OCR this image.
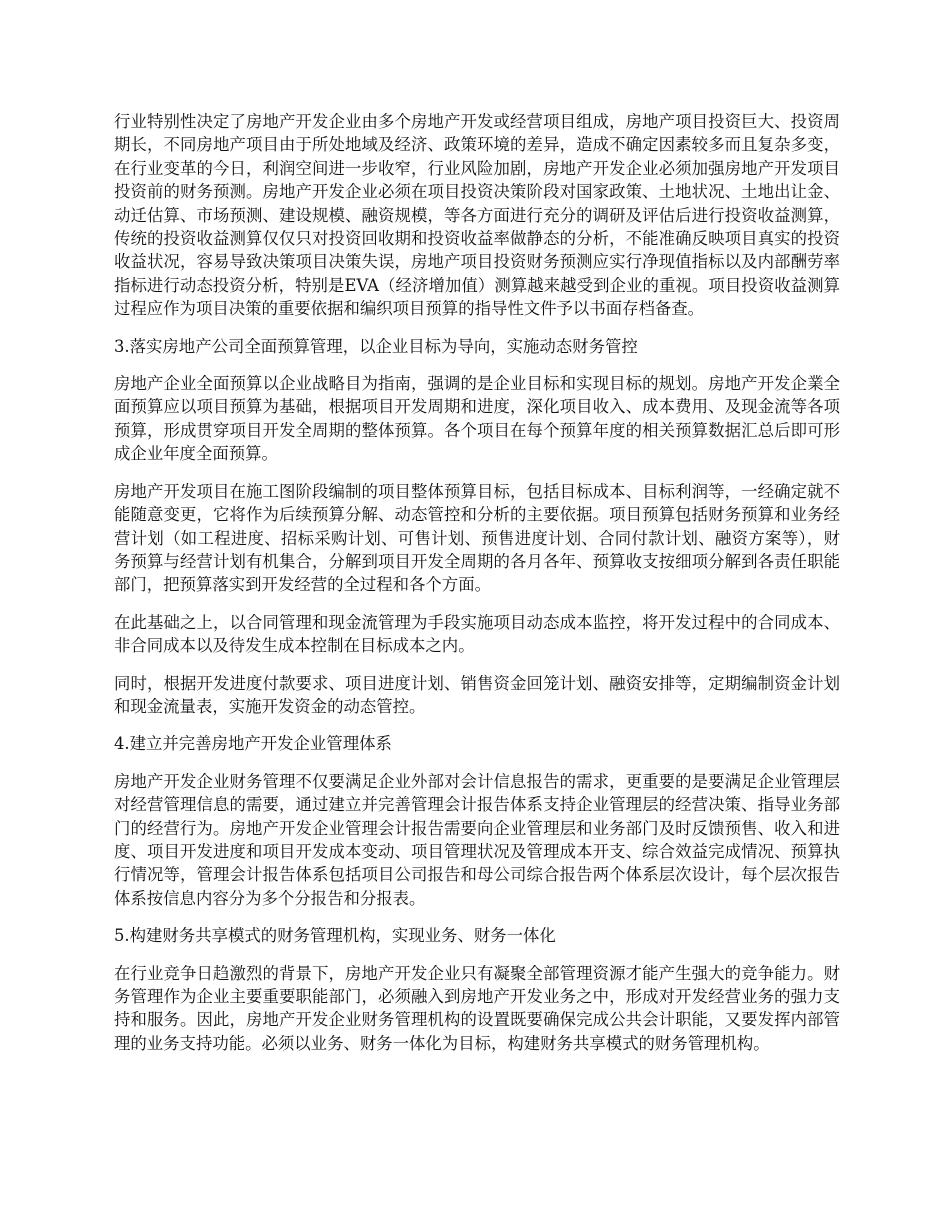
行业特别性决定了房地产开发企业由多个房地产开发或经营项目组成，房地产项目投资巨大、投资周期长，不同房地产项目由于所处地域及经济、政策环境的差异，造成不确定因素较多而且复杂多变，在行业变革的今日，利润空间进一步收窄，行业风险加剧，房地产开发企业必须加强房地产开发项目投资前的财务预测。房地产开发企业必须在项目投资决策阶段对国家政策、土地状况、土地出让金、动迁估算、市场预测、建设规模、融资规模，等各方面进行充分的调研及评估后进行投资收益测算，传统的投资收益测算仅仅只对投资回收期和投资收益率做静态的分析，不能准确反映项目真实的投资收益状况，容易导致决策项目决策失误，房地产项目投资财务预测应实行净现值指标以及内部酬劳率指标进行动态投资分析，特别是EVA（经济增加值）测算越来越受到企业的重视。项目投资收益测算过程应作为项目决策的重要依据和编织项目预算的指导性文件予以书面存档备查。

3.落实房地产公司全面预算管理，以企业目标为导向，实施动态财务管控

房地产企业全面预算以企业战略目为指南，强调的是企业目标和实现目标的规划。房地产开发企業全面预算应以项目预算为基础，根据项目开发周期和进度，深化项目收入、成本费用、及现金流等各项预算，形成贯穿项目开发全周期的整体预算。各个项目在每个预算年度的相关预算数据汇总后即可形成企业年度全面预算。

房地产开发项目在施工图阶段编制的项目整体预算目标，包括目标成本、目标利润等，一经确定就不能随意变更，它将作为后续预算分解、动态管控和分析的主要依据。项目预算包括财务预算和业务经营计划（如工程进度、招标采购计划、可售计划、预售进度计划、合同付款计划、融资方案等），财务预算与经营计划有机集合，分解到项目开发全周期的各月各年、预算收支按细项分解到各责任职能部门，把预算落实到开发经营的全过程和各个方面。

在此基础之上，以合同管理和现金流管理为手段实施项目动态成本监控，将开发过程中的合同成本、非合同成本以及待发生成本控制在目标成本之内。

同时，根据开发进度付款要求、项目进度计划、销售资金回笼计划、融资安排等，定期编制资金计划和现金流量表，实施开发资金的动态管控。

4.建立并完善房地产开发企业管理体系

房地产开发企业财务管理不仅要满足企业外部对会计信息报告的需求，更重要的是要满足企业管理层对经营管理信息的需要，通过建立并完善管理会计报告体系支持企业管理层的经营决策、指导业务部门的经营行为。房地产开发企业管理会计报告需要向企业管理层和业务部门及时反馈预售、收入和进度、项目开发进度和项目开发成本变动、项目管理状况及管理成本开支、综合效益完成情况、预算执行情况等，管理会计报告体系包括项目公司报告和母公司综合报告两个体系层次设计，每个层次报告体系按信息内容分为多个分报告和分报表。

5.构建财务共享模式的财务管理机构，实现业务、财务一体化

在行业竞争日趋激烈的背景下，房地产开发企业只有凝聚全部管理资源才能产生强大的竞争能力。财务管理作为企业主要重要职能部门，必须融入到房地产开发业务之中，形成对开发经营业务的强力支持和服务。因此，房地产开发企业财务管理机构的设置既要确保完成公共会计职能，又要发挥内部管理的业务支持功能。必须以业务、财务一体化为目标，构建财务共享模式的财务管理机构。
